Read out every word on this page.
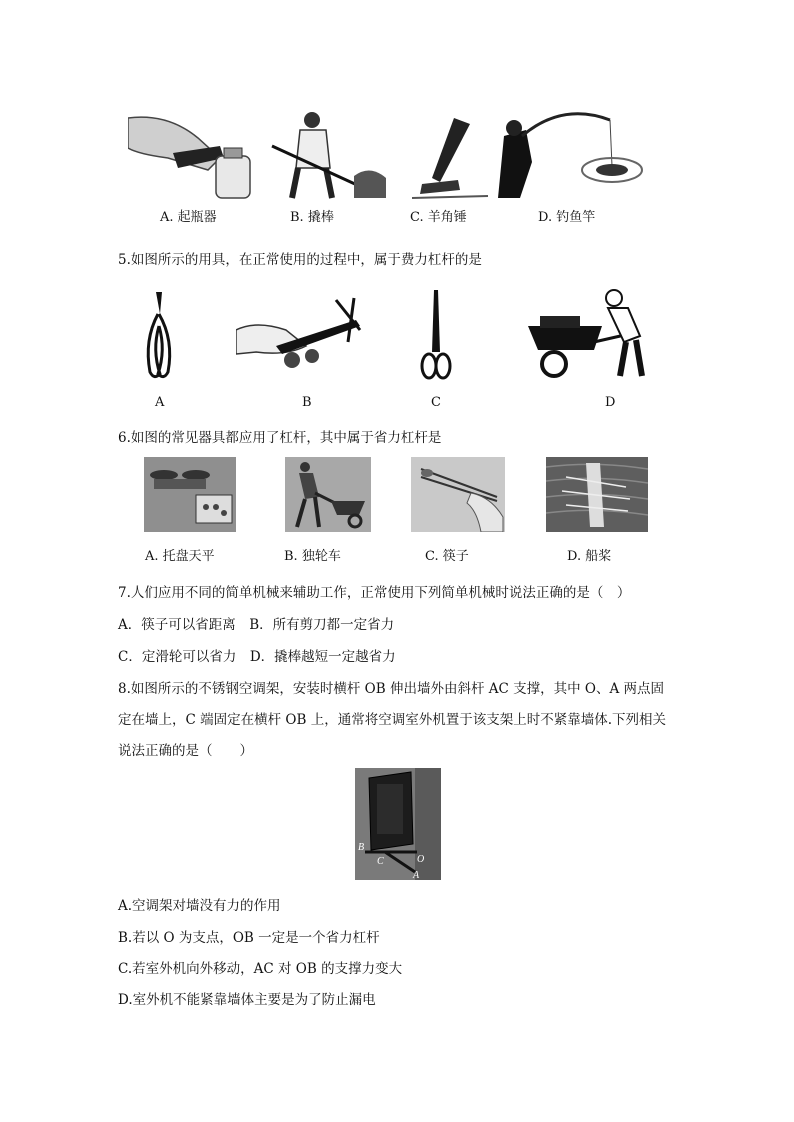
A. 起瓶器	B. 撬棒	C. 羊角锤	D. 钓鱼竿
5.如图所示的用具，在正常使用的过程中，属于费力杠杆的是
A	B	C	D
6.如图的常见器具都应用了杠杆，其中属于省力杠杆是
A. 托盘天平	B. 独轮车	C. 筷子	D. 船桨
7.人们应用不同的简单机械来辅助工作，正常使用下列简单机械时说法正确的是（　）
A．筷子可以省距离　B．所有剪刀都一定省力
C．定滑轮可以省力　D．撬棒越短一定越省力
8.如图所示的不锈钢空调架，安装时横杆 OB 伸出墙外由斜杆 AC 支撑，其中 O、A 两点固
定在墙上，C 端固定在横杆 OB 上，通常将空调室外机置于该支架上时不紧靠墙体.下列相关
说法正确的是（　　）
B
C	O
A
A.空调架对墙没有力的作用
B.若以 O 为支点，OB 一定是一个省力杠杆
C.若室外机向外移动，AC 对 OB 的支撑力变大
D.室外机不能紧靠墙体主要是为了防止漏电
